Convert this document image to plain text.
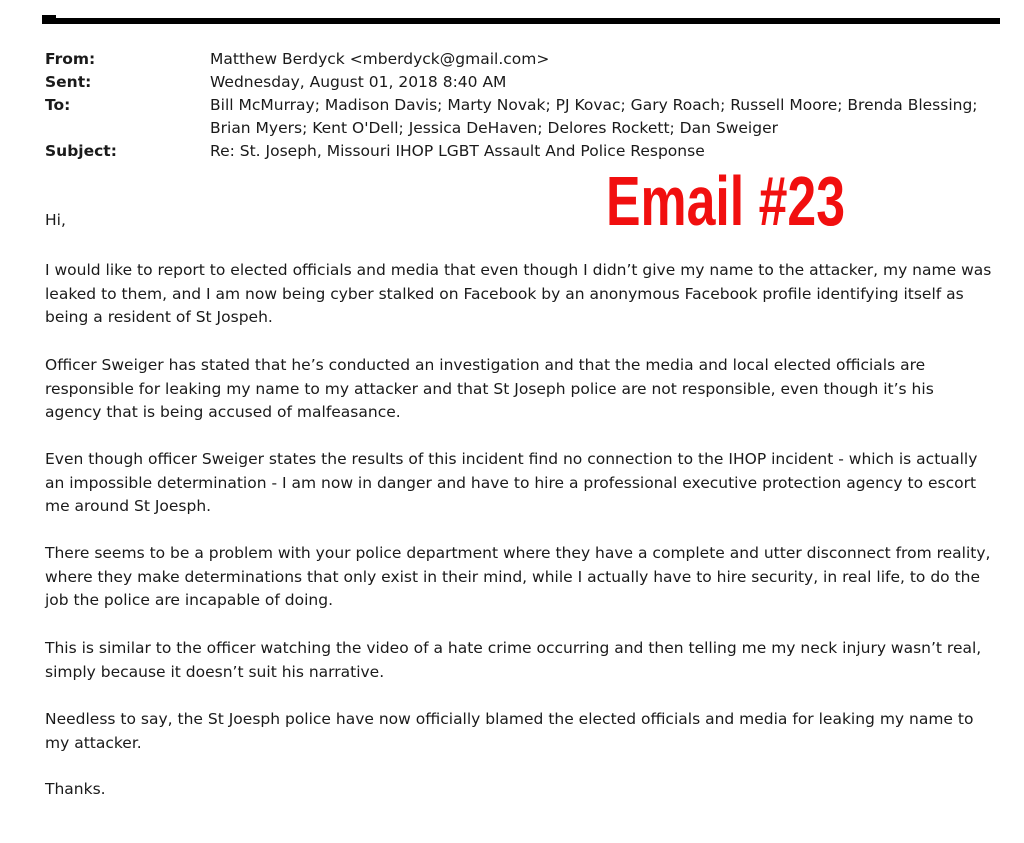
From:	Matthew Berdyck <mberdyck@gmail.com>
Sent:	Wednesday, August 01, 2018 8:40 AM
To:	Bill McMurray; Madison Davis; Marty Novak; PJ Kovac; Gary Roach; Russell Moore; Brenda Blessing; Brian Myers; Kent O'Dell; Jessica DeHaven; Delores Rockett; Dan Sweiger
Subject:	Re: St. Joseph, Missouri IHOP LGBT Assault And Police Response
Email #23
Hi,

I would like to report to elected officials and media that even though I didn’t give my name to the attacker, my name was leaked to them, and I am now being cyber stalked on Facebook by an anonymous Facebook profile identifying itself as being a resident of St Jospeh.

Officer Sweiger has stated that he’s conducted an investigation and that the media and local elected officials are responsible for leaking my name to my attacker and that St Joseph police are not responsible, even though it’s his agency that is being accused of malfeasance.

Even though officer Sweiger states the results of this incident find no connection to the IHOP incident - which is actually an impossible determination - I am now in danger and have to hire a professional executive protection agency to escort me around St Joesph.

There seems to be a problem with your police department where they have a complete and utter disconnect from reality, where they make determinations that only exist in their mind, while I actually have to hire security, in real life, to do the job the police are incapable of doing.

This is similar to the officer watching the video of a hate crime occurring and then telling me my neck injury wasn’t real, simply because it doesn’t suit his narrative.

Needless to say, the St Joesph police have now officially blamed the elected officials and media for leaking my name to my attacker.

Thanks.
